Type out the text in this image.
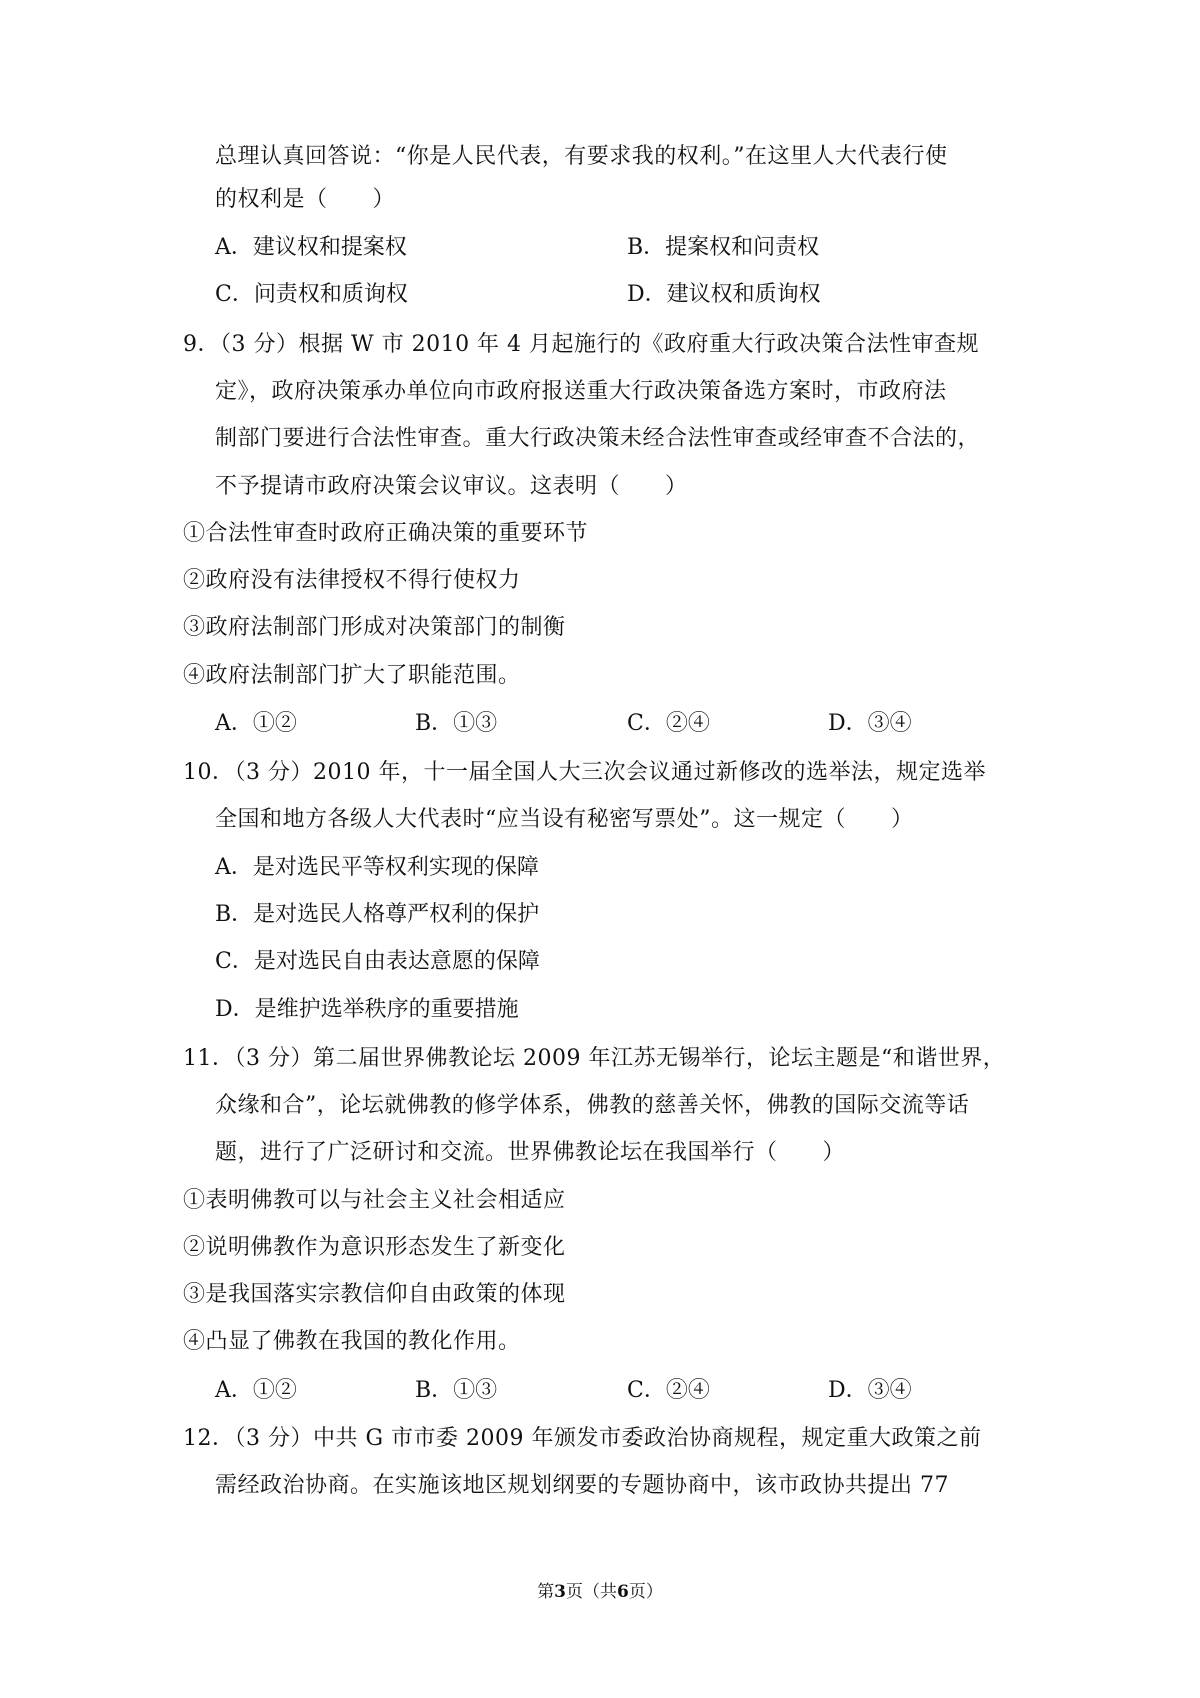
总理认真回答说：“你是人民代表，有要求我的权利。”在这里人大代表行使
的权利是（　　）
A．建议权和提案权	B．提案权和问责权
C．问责权和质询权	D．建议权和质询权
9．（3 分）根据 W 市 2010 年 4 月起施行的《政府重大行政决策合法性审查规
定》，政府决策承办单位向市政府报送重大行政决策备选方案时，市政府法
制部门要进行合法性审查。重大行政决策未经合法性审查或经审查不合法的，
不予提请市政府决策会议审议。这表明（　　）
①合法性审查时政府正确决策的重要环节
②政府没有法律授权不得行使权力
③政府法制部门形成对决策部门的制衡
④政府法制部门扩大了职能范围。
A．①②	B．①③	C．②④	D．③④
10．（3 分）2010 年，十一届全国人大三次会议通过新修改的选举法，规定选举
全国和地方各级人大代表时“应当设有秘密写票处”。这一规定（　　）
A．是对选民平等权利实现的保障
B．是对选民人格尊严权利的保护
C．是对选民自由表达意愿的保障
D．是维护选举秩序的重要措施
11．（3 分）第二届世界佛教论坛 2009 年江苏无锡举行，论坛主题是“和谐世界，
众缘和合”，论坛就佛教的修学体系，佛教的慈善关怀，佛教的国际交流等话
题，进行了广泛研讨和交流。世界佛教论坛在我国举行（　　）
①表明佛教可以与社会主义社会相适应
②说明佛教作为意识形态发生了新变化
③是我国落实宗教信仰自由政策的体现
④凸显了佛教在我国的教化作用。
A．①②	B．①③	C．②④	D．③④
12．（3 分）中共 G 市市委 2009 年颁发市委政治协商规程，规定重大政策之前
需经政治协商。在实施该地区规划纲要的专题协商中，该市政协共提出 77
第3页（共6页）
